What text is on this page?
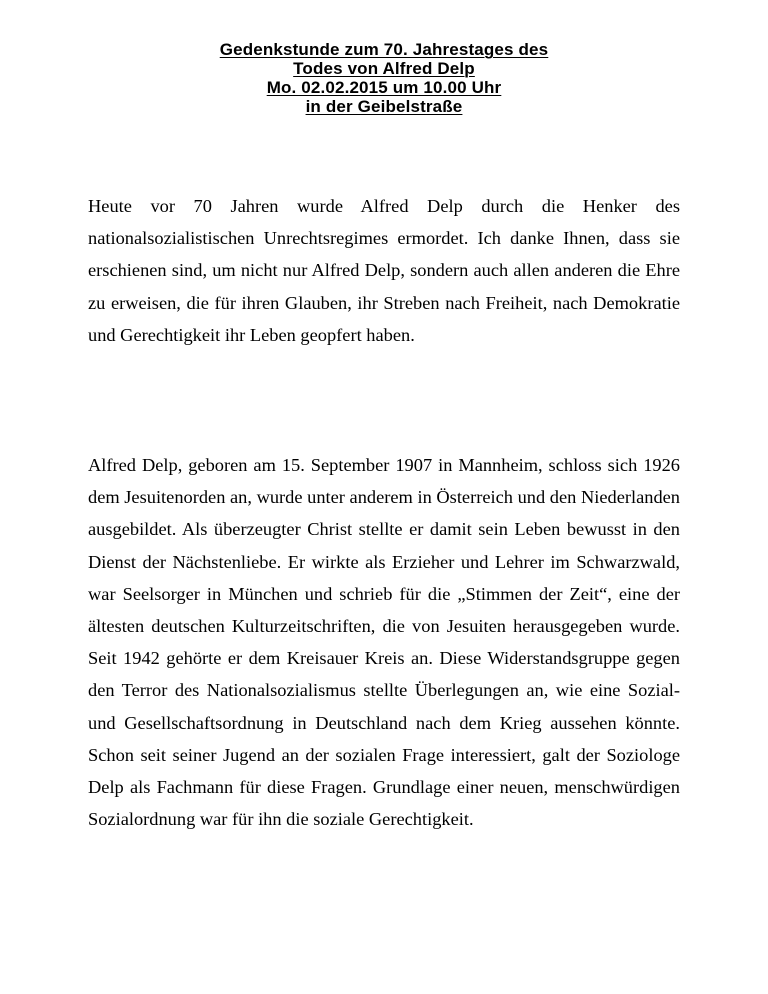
Gedenkstunde zum 70. Jahrestages des
Todes von Alfred Delp
Mo. 02.02.2015 um 10.00 Uhr
in der Geibelstraße

Heute vor 70 Jahren wurde Alfred Delp durch die Henker des nationalsozialistischen Unrechtsregimes ermordet. Ich danke Ihnen, dass sie erschienen sind, um nicht nur Alfred Delp, sondern auch allen anderen die Ehre zu erweisen, die für ihren Glauben, ihr Streben nach Freiheit, nach Demokratie und Gerechtigkeit ihr Leben geopfert haben.

Alfred Delp, geboren am 15. September 1907 in Mannheim, schloss sich 1926 dem Jesuitenorden an, wurde unter anderem in Österreich und den Niederlanden ausgebildet. Als überzeugter Christ stellte er damit sein Leben bewusst in den Dienst der Nächstenliebe. Er wirkte als Erzieher und Lehrer im Schwarzwald, war Seelsorger in München und schrieb für die „Stimmen der Zeit“, eine der ältesten deutschen Kulturzeitschriften, die von Jesuiten herausgegeben wurde. Seit 1942 gehörte er dem Kreisauer Kreis an. Diese Widerstandsgruppe gegen den Terror des Nationalsozialismus stellte Überlegungen an, wie eine Sozial- und Gesellschaftsordnung in Deutschland nach dem Krieg aussehen könnte. Schon seit seiner Jugend an der sozialen Frage interessiert, galt der Soziologe Delp als Fachmann für diese Fragen. Grundlage einer neuen, menschwürdigen Sozialordnung war für ihn die soziale Gerechtigkeit.
